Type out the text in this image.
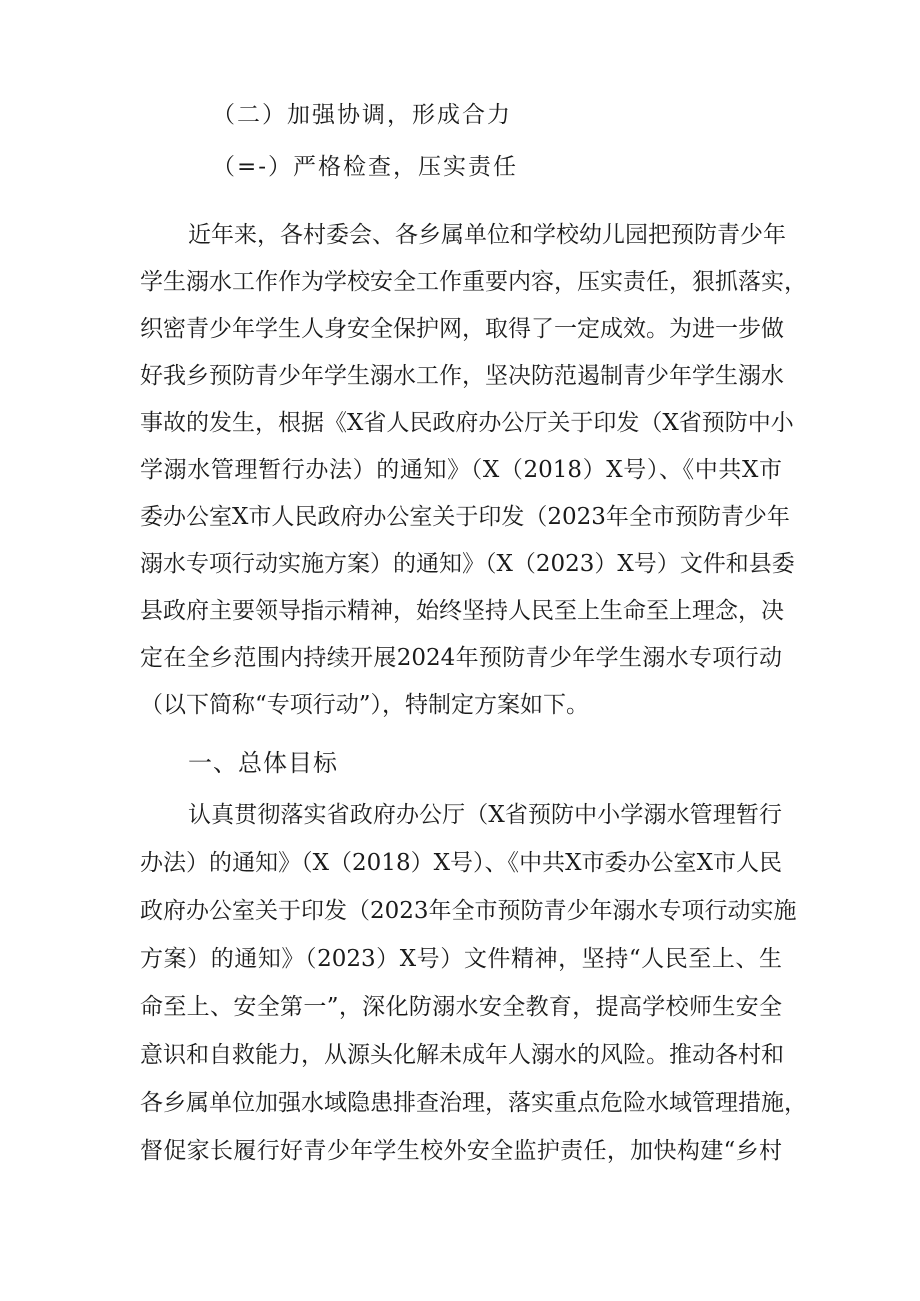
（二）加强协调，形成合力
（=-）严格检查，压实责任
近年来，各村委会、各乡属单位和学校幼儿园把预防青少年
学生溺水工作作为学校安全工作重要内容，压实责任，狠抓落实，
织密青少年学生人身安全保护网，取得了一定成效。为进一步做
好我乡预防青少年学生溺水工作，坚决防范遏制青少年学生溺水
事故的发生，根据《X省人民政府办公厅关于印发（X省预防中小
学溺水管理暂行办法）的通知》（X（2018）X号）、《中共X市
委办公室X市人民政府办公室关于印发（2023年全市预防青少年
溺水专项行动实施方案）的通知》（X（2023）X号）文件和县委
县政府主要领导指示精神，始终坚持人民至上生命至上理念，决
定在全乡范围内持续开展2024年预防青少年学生溺水专项行动
（以下简称“专项行动”），特制定方案如下。
一、总体目标
认真贯彻落实省政府办公厅（X省预防中小学溺水管理暂行
办法）的通知》（X（2018）X号）、《中共X市委办公室X市人民
政府办公室关于印发（2023年全市预防青少年溺水专项行动实施
方案）的通知》（2023）X号）文件精神，坚持“人民至上、生
命至上、安全第一”，深化防溺水安全教育，提高学校师生安全
意识和自救能力，从源头化解未成年人溺水的风险。推动各村和
各乡属单位加强水域隐患排查治理，落实重点危险水域管理措施，
督促家长履行好青少年学生校外安全监护责任，加快构建“乡村
